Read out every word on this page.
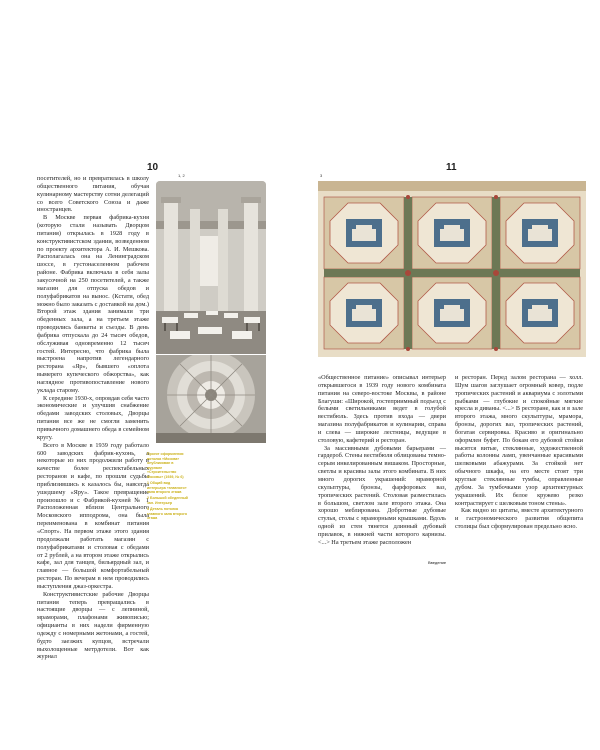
10

посетителей, но и превратилась в школу общественного питания, обучая кулинарному мастерству сотни делегаций со всего Советского Союза и даже иностранцев.

В Москве первая фабрика-кухня (которую стали называть Дворцом питания) открылась в 1928 году в конструктивистском здании, возведенном по проекту архитектора А. И. Мешкова. Располагалась она на Ленинградском шоссе, в густонаселенном рабочем районе. Фабрика включала в себя залы закусочной на 250 посетителей, а также магазин для отпуска обедов и полуфабрикатов на вынос. (Кстати, обед можно было заказать с доставкой на дом.) Второй этаж здания занимали три обеденных зала, а на третьем этаже проводились банкеты и съезды. В день фабрика отпускала до 24 тысяч обедов, обслуживая одновременно 12 тысяч гостей. Интересно, что фабрика была выстроена напротив легендарного ресторана «Яр», бывшего «оплота вымерего купеческого обжорства», как наглядное противопоставление нового уклада старому.

К середине 1930-х, опровдав себя часто экономические и улучшив снабжение обедами заводских столовых, Дворцы питания все же не смогли заменить привычного домашнего обеда в семейном кругу.

Всего в Москве в 1939 году работало 600 заводских фабрик-кухонь, а некоторые из них продолжили работу в качестве более респектабельных ресторанов и кафе, по прошли судьбы приблизившись к казалось бы, навсегда ушедшему «Яру». Такое превращение произошло и с Фабрикой-кухней № 1 Расположенная вблизи Центрального Московского ипподрома, она была переименована в комбинат питания «Спорт». На первом этаже этого здания продолжали работать магазин с полуфабрикатами и столовая с обедами от 2 рублей, а на втором этаже открылись кафе, зал для танцев, бильярдный зал, и главное — большой комфортабельный ресторан. По вечерам в нем проводились выступления джаз-оркестра.

Конструктивистские рабочие Дворцы питания теперь превращались в настоящие дворцы — с лепниной, мраморами, плафонами живописью; официанты в них надели фирменную одежду с номерными жетонами, а гостей, будто заезжих купцов, встречали выхолощенные метрдотели. Вот как журнал

1, 2

Проект оформления потолка «Москва» опубликован в журнале «Строительство Москвы» (1939, № 6)

1 Общий вид интерьера «главного» зала второго этажа

2 Большой обеденный зал. Интерьер

3 Деталь потолка главного зала второго этажа

11
3

«Общественное питание» описывал интерьер открывшегося в 1939 году нового комбината питания на северо-востоке Москвы, в районе Благуши: «Широкой, гостеприимный подъезд с белыми светильниками ведет в голубой вестибюль. Здесь против входа — двери магазина полуфабрикатов и кулинарии, справа и слева — широкие лестницы, ведущие в столовую, кафетерий и ресторан.

За массивными дубовыми барьерами — гардероб. Стены вестибюля облицованы темно-серым инкелированным вишаком. Просторные, светлы и красивы залы этого комбината. В них много дорогих украшений: мраморной скульптуры, бронзы, фарфоровых ваз, тропических растений. Столовая разместилась в большом, светлом зале второго этажа. Она хорошо меблирована. Добротные дубовые стулья, столы с мраморными крышками. Вдоль одной из стен тянется длинный дубовый прилавок, в нижней части которого карнизы. <...> На третьем этаже расположен

и ресторан. Перед залом ресторана — холл. Шум шагов заглушает огромный ковер, подле тропических растений и аквариума с золотыми рыбками — глубокие и спокойные мягкие кресла и диваны. <...> В ресторане, как и в зале второго этажа, много скульптуры, мрамора, бронзы, дорогих ваз, тропических растений, богатая сервировка. Красиво и оригинально оформлен буфет. По бокам его дубовой стойки высятся витые, стеклянные, художественной работы колонны ламп, увенчанные красивыми шелковыми абажурами. За стойкой нет обычного шкафа, на его месте стоят три круглые стеклянные тумбы, оправленные дубом. За тумбочками узор архитектурных украшений. Их белое кружево резко контрастирует с шелковым тоном стены».

Как видно из цитаты, вместе архитектурного и гастрономического развития общепита столицы был сформулирован предельно ясно.

Введение
